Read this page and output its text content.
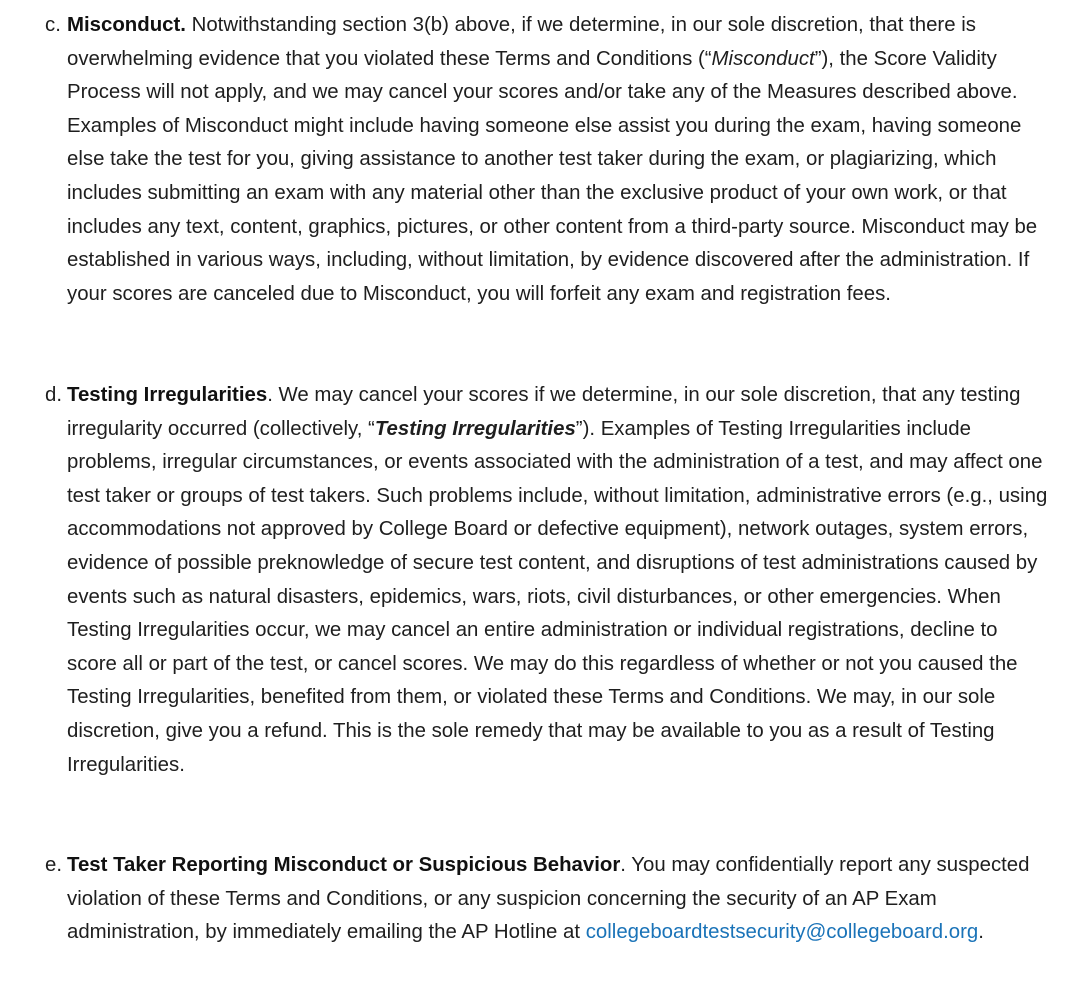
c. Misconduct. Notwithstanding section 3(b) above, if we determine, in our sole discretion, that there is overwhelming evidence that you violated these Terms and Conditions (“Misconduct”), the Score Validity Process will not apply, and we may cancel your scores and/or take any of the Measures described above. Examples of Misconduct might include having someone else assist you during the exam, having someone else take the test for you, giving assistance to another test taker during the exam, or plagiarizing, which includes submitting an exam with any material other than the exclusive product of your own work, or that includes any text, content, graphics, pictures, or other content from a third-party source. Misconduct may be established in various ways, including, without limitation, by evidence discovered after the administration. If your scores are canceled due to Misconduct, you will forfeit any exam and registration fees.

d. Testing Irregularities. We may cancel your scores if we determine, in our sole discretion, that any testing irregularity occurred (collectively, “Testing Irregularities”). Examples of Testing Irregularities include problems, irregular circumstances, or events associated with the administration of a test, and may affect one test taker or groups of test takers. Such problems include, without limitation, administrative errors (e.g., using accommodations not approved by College Board or defective equipment), network outages, system errors, evidence of possible preknowledge of secure test content, and disruptions of test administrations caused by events such as natural disasters, epidemics, wars, riots, civil disturbances, or other emergencies. When Testing Irregularities occur, we may cancel an entire administration or individual registrations, decline to score all or part of the test, or cancel scores. We may do this regardless of whether or not you caused the Testing Irregularities, benefited from them, or violated these Terms and Conditions. We may, in our sole discretion, give you a refund. This is the sole remedy that may be available to you as a result of Testing Irregularities.

e. Test Taker Reporting Misconduct or Suspicious Behavior. You may confidentially report any suspected violation of these Terms and Conditions, or any suspicion concerning the security of an AP Exam administration, by immediately emailing the AP Hotline at collegeboardtestsecurity@collegeboard.org.
